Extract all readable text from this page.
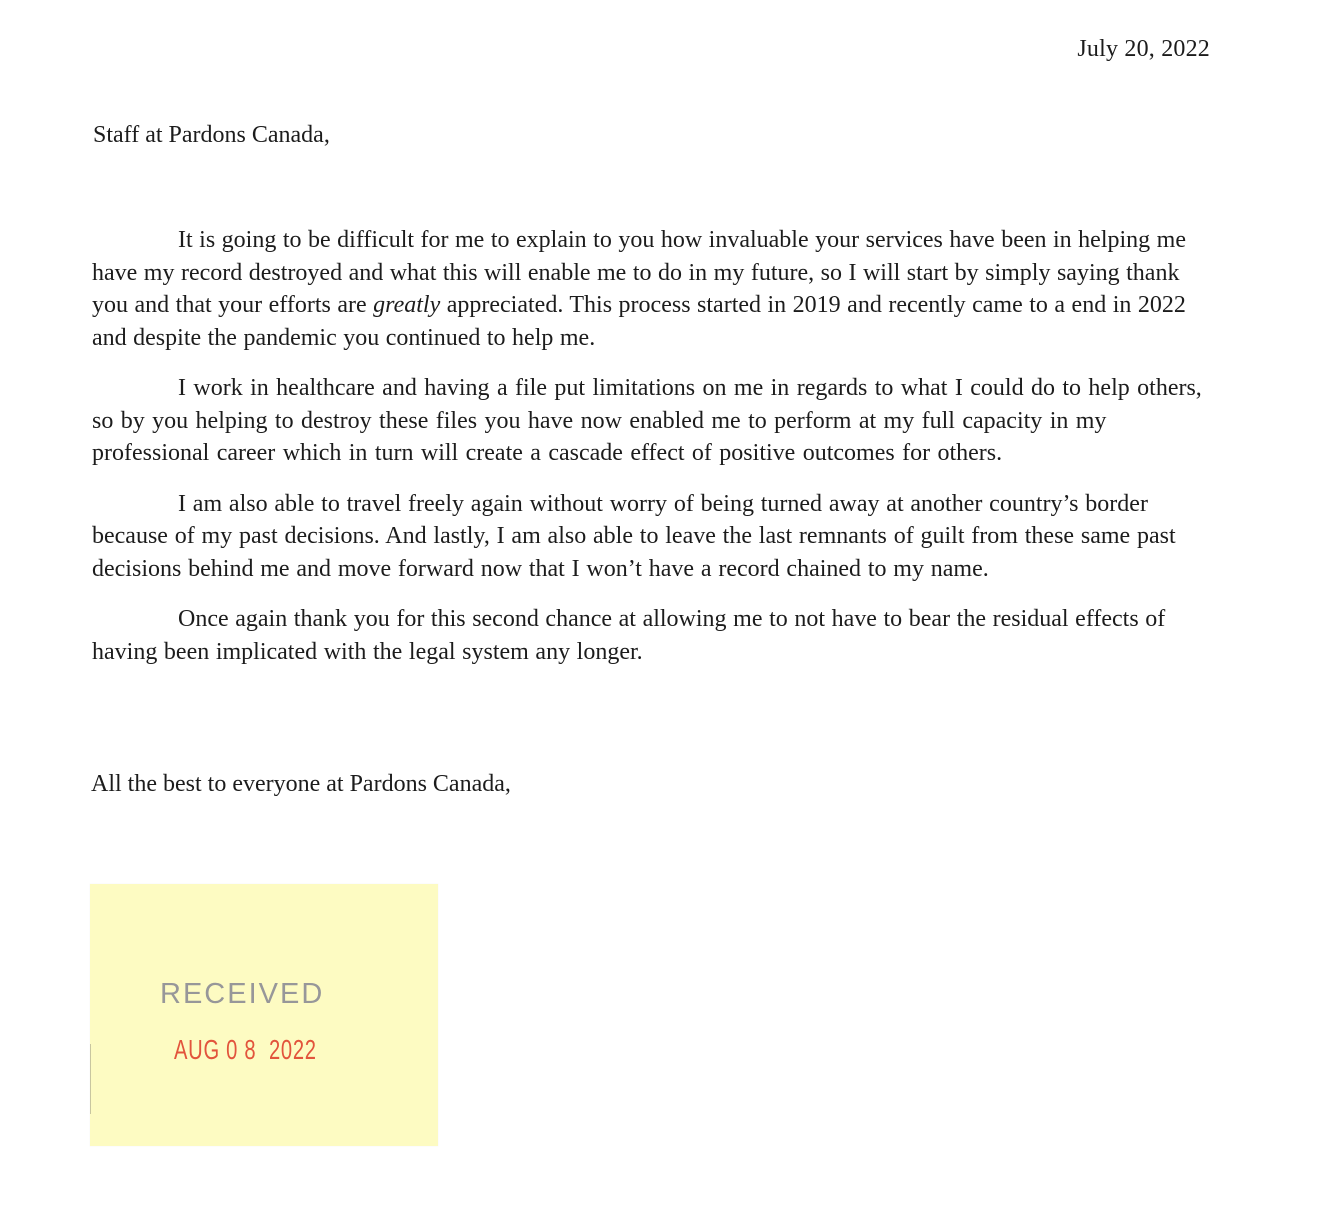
July 20, 2022
Staff at Pardons Canada,

It is going to be difficult for me to explain to you how invaluable your services have been in helping me have my record destroyed and what this will enable me to do in my future, so I will start by simply saying thank you and that your efforts are greatly appreciated. This process started in 2019 and recently came to a end in 2022 and despite the pandemic you continued to help me.

I work in healthcare and having a file put limitations on me in regards to what I could do to help others, so by you helping to destroy these files you have now enabled me to perform at my full capacity in my professional career which in turn will create a cascade effect of positive outcomes for others.

I am also able to travel freely again without worry of being turned away at another country’s border because of my past decisions. And lastly, I am also able to leave the last remnants of guilt from these same past decisions behind me and move forward now that I won’t have a record chained to my name.

Once again thank you for this second chance at allowing me to not have to bear the residual effects of having been implicated with the legal system any longer.

All the best to everyone at Pardons Canada,
RECEIVED
AUG 0 8  2022
